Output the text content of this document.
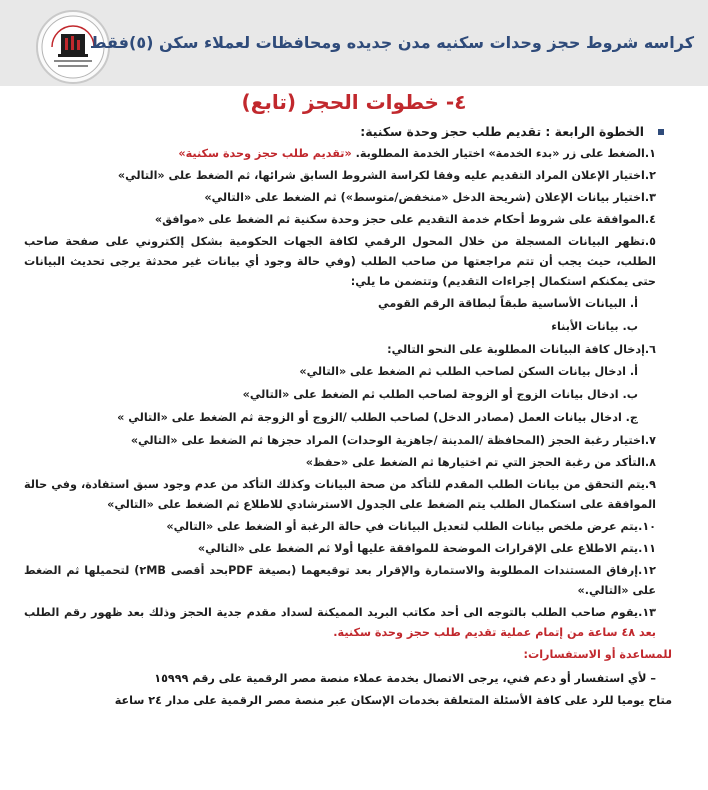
كراسه شروط حجز وحدات سكنيه مدن جديده ومحافظات لعملاء سكن (٥)فقط
٤- خطوات الحجز (تابع)
الخطوة الرابعة : تقديم طلب حجز وحدة سكنية:
١.الضغط على زر «بدء الخدمة» اختيار الخدمة المطلوبة. «تقديم طلب حجز وحدة سكنية»
٢.اختيار الإعلان المراد التقديم عليه وفقا لكراسة الشروط السابق شرائها، ثم الضغط على «التالي»
٣.اختيار بيانات الإعلان (شريحة الدخل «منخفض/متوسط») ثم الضغط على «التالي»
٤.الموافقة على شروط أحكام خدمة التقديم على حجز وحدة سكنية ثم الضغط على «موافق»
٥.تظهر البيانات المسجلة من خلال المحول الرقمي لكافة الجهات الحكومية بشكل إلكتروني على صفحة صاحب الطلب، حيث يجب أن تتم مراجعتها من صاحب الطلب (وفي حالة وجود أي بيانات غير محدثة يرجى تحديث البيانات حتى يمكنكم استكمال إجراءات التقديم) وتتضمن ما يلي:
أ. البيانات الأساسية طبقاً لبطاقة الرقم القومي
ب. بيانات الأبناء
٦.إدخال كافة البيانات المطلوبة على النحو التالي:
أ. ادخال بيانات السكن لصاحب الطلب ثم الضغط على «التالي»
ب. ادخال بيانات الزوج أو الزوجة لصاحب الطلب ثم الضغط على «التالي»
ج. ادخال بيانات العمل (مصادر الدخل) لصاحب الطلب /الزوج أو الزوجة ثم الضغط على «التالي »
٧.اختيار رغبة الحجز (المحافظة /المدينة /جاهزية الوحدات) المراد حجزها ثم الضغط على «التالي»
٨.التأكد من رغبة الحجز التي تم اختيارها ثم الضغط على «حفظ»
٩.يتم التحقق من بيانات الطلب المقدم للتأكد من صحة البيانات وكذلك التأكد من عدم وجود سبق استفادة، وفي حالة الموافقة على استكمال الطلب يتم الضغط على الجدول الاسترشادي للاطلاع ثم الضغط على «التالي»
١٠.يتم عرض ملخص بيانات الطلب لتعديل البيانات في حالة الرغبة أو الضغط على «التالي»
١١.يتم الاطلاع على الإقرارات الموضحة للموافقة عليها أولا ثم الضغط على «التالي»
١٢.إرفاق المستندات المطلوبة والاستمارة والإقرار بعد توقيعهما (بصيغة PDFبحد أقصى ٢MB) لتحميلها ثم الضغط على «التالي.»
١٣.يقوم صاحب الطلب بالتوجه الى أحد مكاتب البريد المميكنة لسداد مقدم جدية الحجز وذلك بعد ظهور رقم الطلب بعد ٤٨ ساعة من إتمام عملية تقديم طلب حجز وحدة سكنية.
للمساعدة أو الاستفسارات:
– لأي استفسار أو دعم فني، يرجى الاتصال بخدمة عملاء منصة مصر الرقمية على رقم ١٥٩٩٩
متاح يوميا للرد على كافة الأسئلة المتعلقة بخدمات الإسكان عبر منصة مصر الرقمية على مدار ٢٤ ساعة
